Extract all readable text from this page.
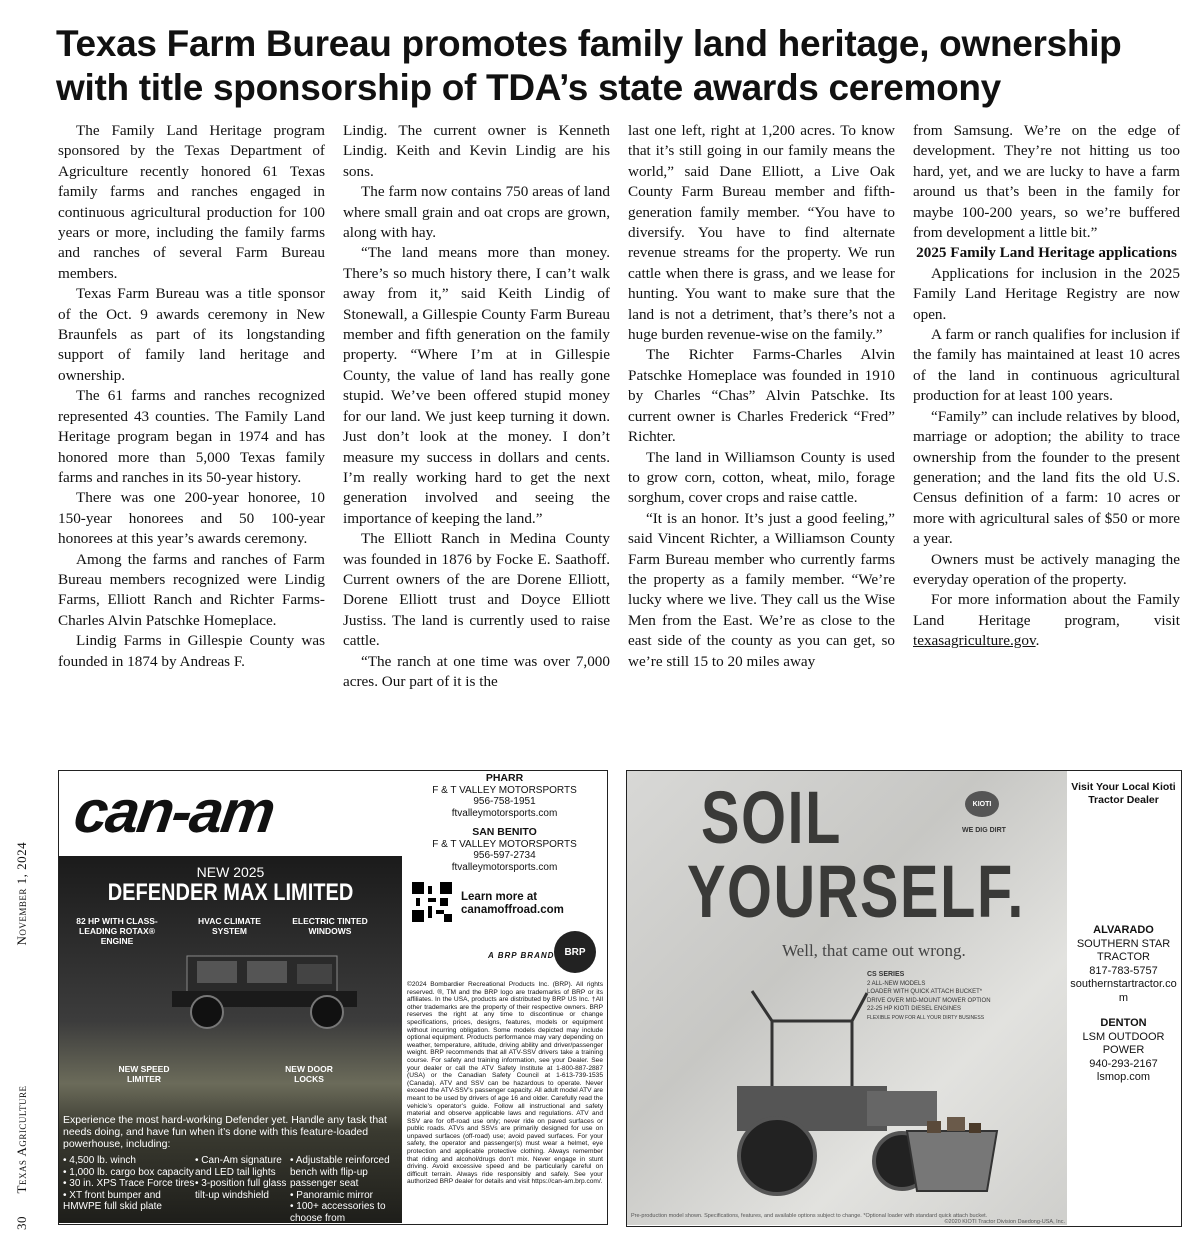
Texas Farm Bureau promotes family land heritage, ownership with title sponsorship of TDA’s state awards ceremony

The Family Land Heritage program sponsored by the Texas Department of Agriculture recently honored 61 Texas family farms and ranches engaged in continuous agricultural production for 100 years or more, including the family farms and ranches of several Farm Bureau members.

Texas Farm Bureau was a title sponsor of the Oct. 9 awards ceremony in New Braunfels as part of its longstanding support of family land heritage and ownership.

The 61 farms and ranches recognized represented 43 counties. The Family Land Heritage program began in 1974 and has honored more than 5,000 Texas family farms and ranches in its 50-year history.

There was one 200-year honoree, 10 150-year honorees and 50 100-year honorees at this year’s awards ceremony.

Among the farms and ranches of Farm Bureau members recognized were Lindig Farms, Elliott Ranch and Richter Farms-Charles Alvin Patschke Homeplace.

Lindig Farms in Gillespie County was founded in 1874 by Andreas F.

Lindig. The current owner is Kenneth Lindig. Keith and Kevin Lindig are his sons.

The farm now contains 750 areas of land where small grain and oat crops are grown, along with hay.

“The land means more than money. There’s so much history there, I can’t walk away from it,” said Keith Lindig of Stonewall, a Gillespie County Farm Bureau member and fifth generation on the family property. “Where I’m at in Gillespie County, the value of land has really gone stupid. We’ve been offered stupid money for our land. We just keep turning it down. Just don’t look at the money. I don’t measure my success in dollars and cents. I’m really working hard to get the next generation involved and seeing the importance of keeping the land.”

The Elliott Ranch in Medina County was founded in 1876 by Focke E. Saathoff. Current owners of the are Dorene Elliott, Dorene Elliott trust and Doyce Elliott Justiss. The land is currently used to raise cattle.

“The ranch at one time was over 7,000 acres. Our part of it is the

last one left, right at 1,200 acres. To know that it’s still going in our family means the world,” said Dane Elliott, a Live Oak County Farm Bureau member and fifth-generation family member. “You have to diversify. You have to find alternate revenue streams for the property. We run cattle when there is grass, and we lease for hunting. You want to make sure that the land is not a detriment, that’s there’s not a huge burden revenue-wise on the family.”

The Richter Farms-Charles Alvin Patschke Homeplace was founded in 1910 by Charles “Chas” Alvin Patschke. Its current owner is Charles Frederick “Fred” Richter.

The land in Williamson County is used to grow corn, cotton, wheat, milo, forage sorghum, cover crops and raise cattle.

“It is an honor. It’s just a good feeling,” said Vincent Richter, a Williamson County Farm Bureau member who currently farms the property as a family member. “We’re lucky where we live. They call us the Wise Men from the East. We’re as close to the east side of the county as you can get, so we’re still 15 to 20 miles away

from Samsung. We’re on the edge of development. They’re not hitting us too hard, yet, and we are lucky to have a farm around us that’s been in the family for maybe 100-200 years, so we’re buffered from development a little bit.”

2025 Family Land Heritage applications

Applications for inclusion in the 2025 Family Land Heritage Registry are now open.

A farm or ranch qualifies for inclusion if the family has maintained at least 10 acres of the land in continuous agricultural production for at least 100 years.

“Family” can include relatives by blood, marriage or adoption; the ability to trace ownership from the founder to the present generation; and the land fits the old U.S. Census definition of a farm: 10 acres or more with agricultural sales of $50 or more a year.

Owners must be actively managing the everyday operation of the property.

For more information about the Family Land Heritage program, visit texasagriculture.gov.

30      Texas AgricultureNovember 1, 2024
can-am
NEW 2025
DEFENDER MAX LIMITED
82 HP WITH CLASS-LEADING ROTAX® ENGINE
HVAC CLIMATE SYSTEM
ELECTRIC TINTED WINDOWS
NEW SPEED LIMITER
NEW DOOR LOCKS
Experience the most hard-working Defender yet. Handle any task that needs doing, and have fun when it’s done with this feature-loaded powerhouse, including:
• 4,500 lb. winch
• 1,000 lb. cargo box capacity
• 30 in. XPS Trace Force tires
• XT front bumper and HMWPE full skid plate
• Can-Am signature and LED tail lights
• 3-position full glass tilt-up windshield
• Adjustable reinforced bench with flip-up passenger seat
• Panoramic mirror
• 100+ accessories to choose from
PHARR
F & T VALLEY MOTORSPORTS
956-758-1951
ftvalleymotorsports.com
SAN BENITO
F & T VALLEY MOTORSPORTS
956-597-2734
ftvalleymotorsports.com
Learn more at
canamoffroad.com
A BRP BRAND	BRP
©2024 Bombardier Recreational Products Inc. (BRP). All rights reserved. ®, TM and the BRP logo are trademarks of BRP or its affiliates. In the USA, products are distributed by BRP US Inc. †All other trademarks are the property of their respective owners. BRP reserves the right at any time to discontinue or change specifications, prices, designs, features, models or equipment without incurring obligation. Some models depicted may include optional equipment. Products performance may vary depending on weather, temperature, altitude, driving ability and driver/passenger weight. BRP recommends that all ATV-SSV drivers take a training course. For safety and training information, see your Dealer. See your dealer or call the ATV Safety Institute at 1-800-887-2887 (USA) or the Canadian Safety Council at 1-613-739-1535 (Canada). ATV and SSV can be hazardous to operate. Never exceed the ATV-SSV’s passenger capacity. All adult model ATV are meant to be used by drivers of age 16 and older. Carefully read the vehicle’s operator’s guide. Follow all instructional and safety material and observe applicable laws and regulations. ATV and SSV are for off-road use only; never ride on paved surfaces or public roads. ATVs and SSVs are primarily designed for use on unpaved surfaces (off-road) use; avoid paved surfaces. For your safety, the operator and passenger(s) must wear a helmet, eye protection and applicable protective clothing. Always remember that riding and alcohol/drugs don’t mix. Never engage in stunt driving. Avoid excessive speed and be particularly careful on difficult terrain. Always ride responsibly and safely. See your authorized BRP dealer for details and visit https://can-am.brp.com/.
SOIL
YOURSELF.
KIOTI
WE DIG DIRT
Well, that came out wrong.
CS SERIES
2 ALL-NEW MODELS
LOADER WITH QUICK ATTACH BUCKET*
DRIVE OVER MID-MOUNT MOWER OPTION
22-25 HP KIOTI DIESEL ENGINES
FLEXIBLE POW FOR ALL YOUR DIRTY BUSINESS
Pre-production model shown. Specifications, features, and available options subject to change. *Optional loader with standard quick attach bucket.
©2020 KIOTI Tractor Division Daedong-USA, Inc.
Visit Your Local Kioti Tractor Dealer
ALVARADO
SOUTHERN STAR TRACTOR
817-783-5757
southernstartractor.com
DENTON
LSM OUTDOOR POWER
940-293-2167
lsmop.com
